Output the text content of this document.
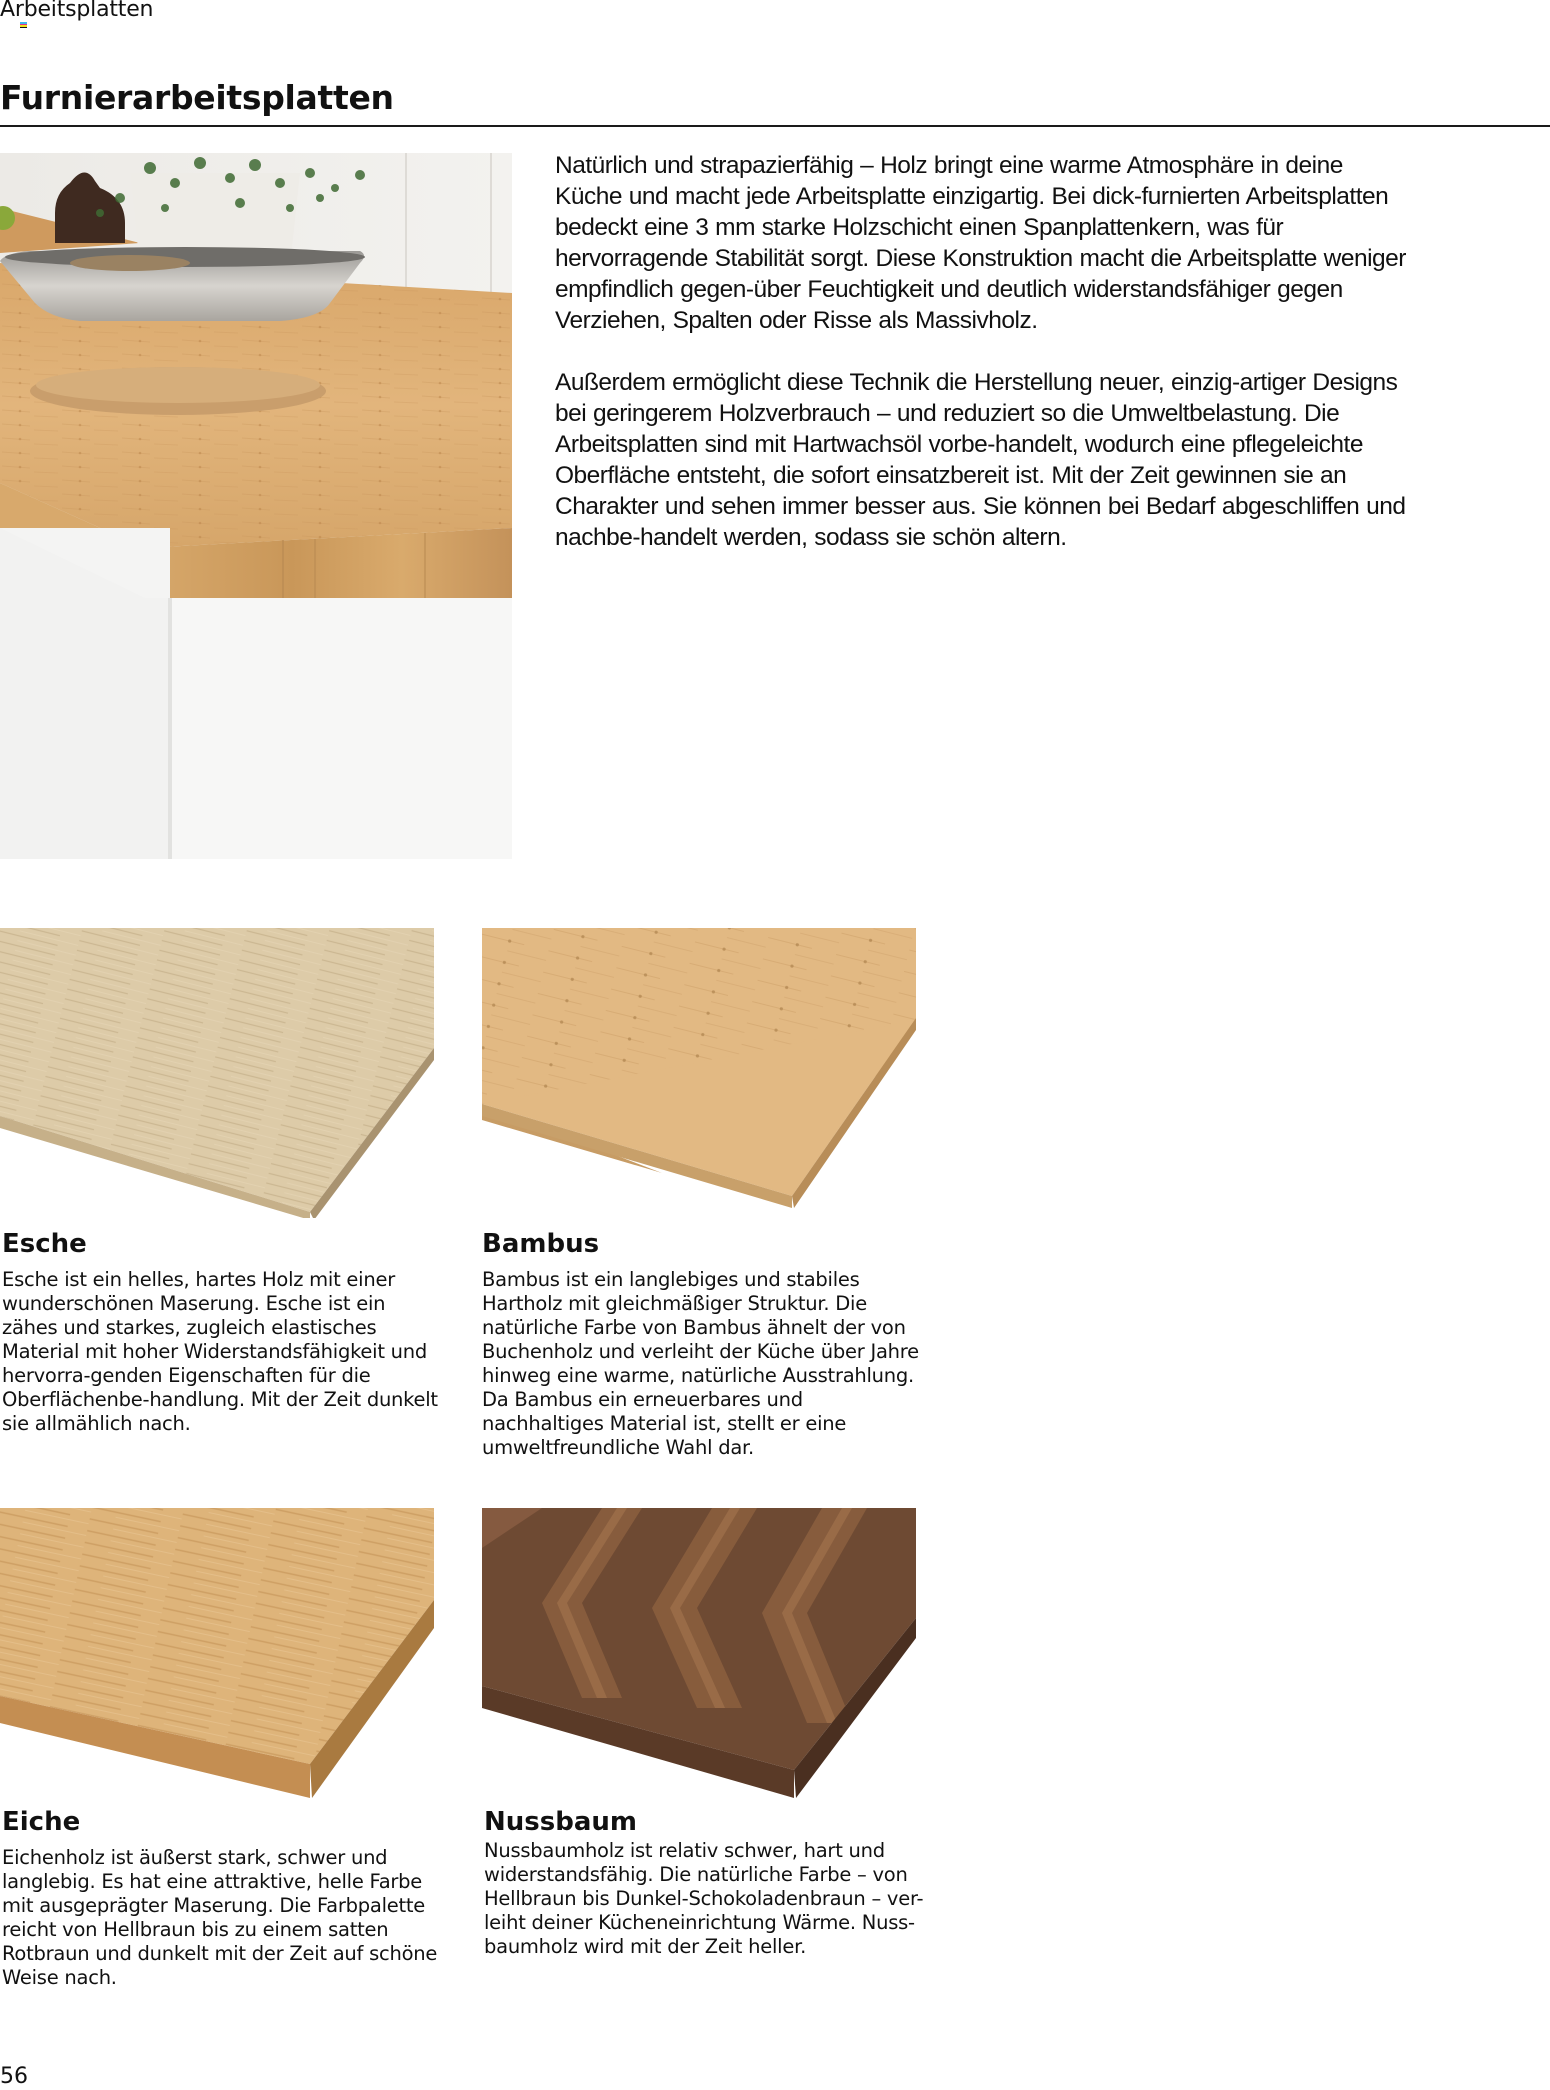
Arbeitsplatten
Furnierarbeitsplatten

Natürlich und strapazierfähig – Holz bringt eine warme Atmosphäre in deine Küche und macht jede Arbeitsplatte einzigartig. Bei dick-furnierten Arbeitsplatten bedeckt eine 3 mm starke Holzschicht einen Spanplattenkern, was für hervorragende Stabilität sorgt. Diese Konstruktion macht die Arbeitsplatte weniger empfindlich gegen-über Feuchtigkeit und deutlich widerstandsfähiger gegen Verziehen, Spalten oder Risse als Massivholz.

Außerdem ermöglicht diese Technik die Herstellung neuer, einzig-artiger Designs bei geringerem Holzverbrauch – und reduziert so die Umweltbelastung. Die Arbeitsplatten sind mit Hartwachsöl vorbe-handelt, wodurch eine pflegeleichte Oberfläche entsteht, die sofort einsatzbereit ist. Mit der Zeit gewinnen sie an Charakter und sehen immer besser aus. Sie können bei Bedarf abgeschliffen und nachbe-handelt werden, sodass sie schön altern.

Esche
Esche ist ein helles, hartes Holz mit einer wunderschönen Maserung. Esche ist ein zähes und starkes, zugleich elastisches Material mit hoher Widerstandsfähigkeit und hervorra-genden Eigenschaften für die Oberflächenbe-handlung. Mit der Zeit dunkelt sie allmählich nach.
Bambus
Bambus ist ein langlebiges und stabiles Hartholz mit gleichmäßiger Struktur. Die natürliche Farbe von Bambus ähnelt der von Buchenholz und verleiht der Küche über Jahre hinweg eine warme, natürliche Ausstrahlung. Da Bambus ein erneuerbares und nachhaltiges Material ist, stellt er eine umweltfreundliche Wahl dar.
Eiche
Eichenholz ist äußerst stark, schwer und langlebig. Es hat eine attraktive, helle Farbe mit ausgeprägter Maserung. Die Farbpalette reicht von Hellbraun bis zu einem satten Rotbraun und dunkelt mit der Zeit auf schöne Weise nach.
Nussbaum
Nussbaumholz ist relativ schwer, hart und widerstandsfähig. Die natürliche Farbe – von Hellbraun bis Dunkel-Schokoladenbraun – ver-leiht deiner Kücheneinrichtung Wärme. Nuss-baumholz wird mit der Zeit heller.
56
